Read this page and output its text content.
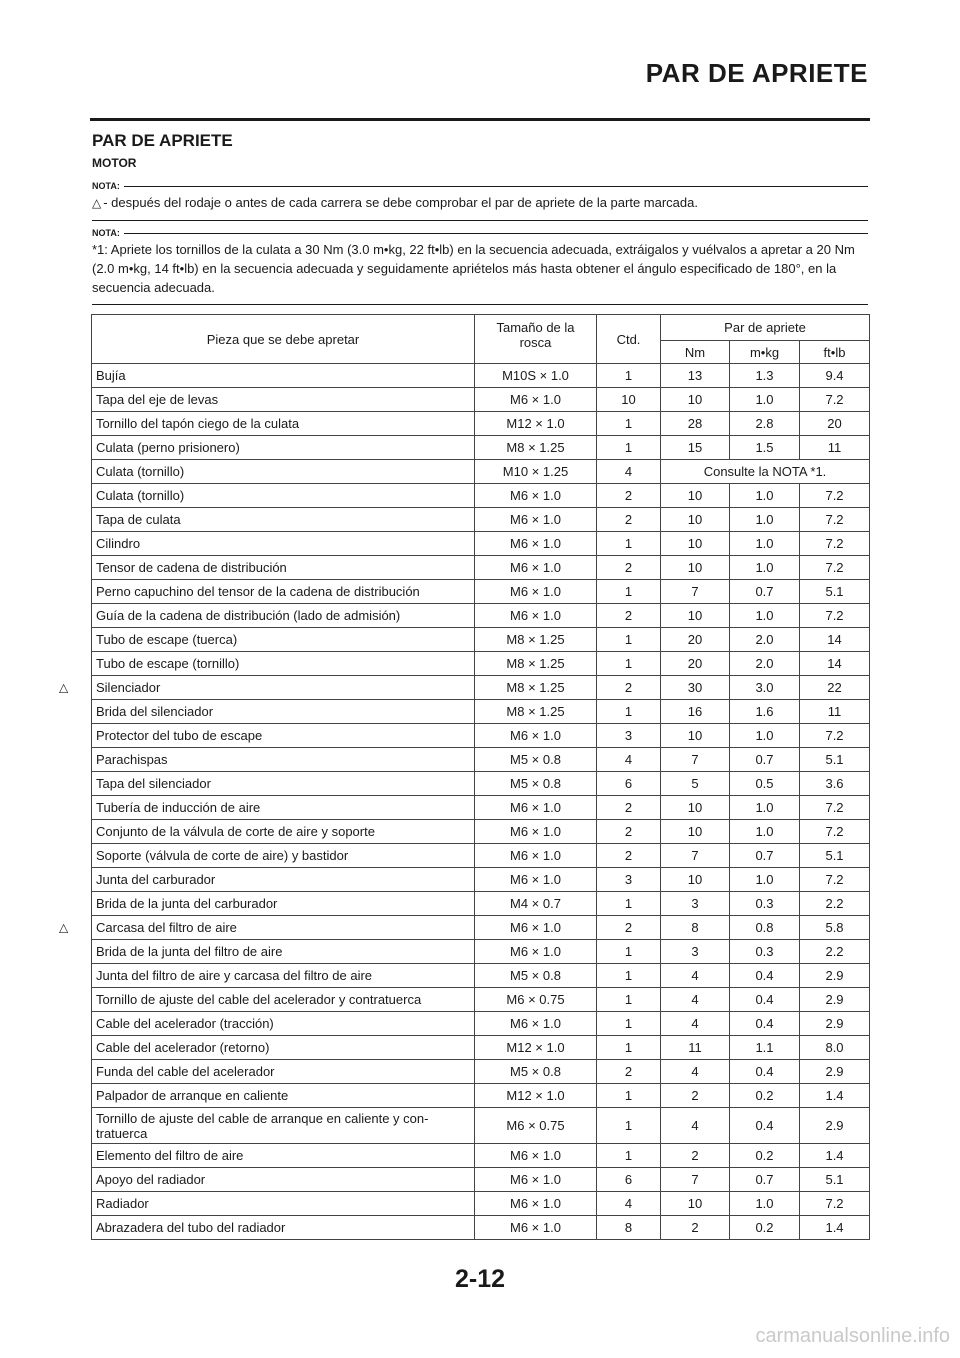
PAR DE APRIETE
PAR DE APRIETE
MOTOR
NOTA:
△ - después del rodaje o antes de cada carrera se debe comprobar el par de apriete de la parte marcada.
NOTA:
*1: Apriete los tornillos de la culata a 30 Nm (3.0 m•kg, 22 ft•lb) en la secuencia adecuada, extráigalos y vuélvalos a apretar a 20 Nm (2.0 m•kg, 14 ft•lb) en la secuencia adecuada y seguidamente apriételos más hasta obtener el ángulo especificado de 180°, en la secuencia adecuada.
Pieza que se debe apretar	Tamaño de la rosca	Ctd.	Par de apriete		
			Nm	m•kg	ft•lb
Bujía	M10S × 1.0	1	13	1.3	9.4
Tapa del eje de levas	M6 × 1.0	10	10	1.0	7.2
Tornillo del tapón ciego de la culata	M12 × 1.0	1	28	2.8	20
Culata (perno prisionero)	M8 × 1.25	1	15	1.5	11
Culata (tornillo)	M10 × 1.25	4	Consulte la NOTA *1.		
Culata (tornillo)	M6 × 1.0	2	10	1.0	7.2
Tapa de culata	M6 × 1.0	2	10	1.0	7.2
Cilindro	M6 × 1.0	1	10	1.0	7.2
Tensor de cadena de distribución	M6 × 1.0	2	10	1.0	7.2
Perno capuchino del tensor de la cadena de distribución	M6 × 1.0	1	7	0.7	5.1
Guía de la cadena de distribución (lado de admisión)	M6 × 1.0	2	10	1.0	7.2
Tubo de escape (tuerca)	M8 × 1.25	1	20	2.0	14
Tubo de escape (tornillo)	M8 × 1.25	1	20	2.0	14

△ Silenciador	M8 × 1.25	2	30	3.0	22
Brida del silenciador	M8 × 1.25	1	16	1.6	11
Protector del tubo de escape	M6 × 1.0	3	10	1.0	7.2
Parachispas	M5 × 0.8	4	7	0.7	5.1
Tapa del silenciador	M5 × 0.8	6	5	0.5	3.6
Tubería de inducción de aire	M6 × 1.0	2	10	1.0	7.2
Conjunto de la válvula de corte de aire y soporte	M6 × 1.0	2	10	1.0	7.2
Soporte (válvula de corte de aire) y bastidor	M6 × 1.0	2	7	0.7	5.1
Junta del carburador	M6 × 1.0	3	10	1.0	7.2
Brida de la junta del carburador	M4 × 0.7	1	3	0.3	2.2

△ Carcasa del filtro de aire	M6 × 1.0	2	8	0.8	5.8
Brida de la junta del filtro de aire	M6 × 1.0	1	3	0.3	2.2
Junta del filtro de aire y carcasa del filtro de aire	M5 × 0.8	1	4	0.4	2.9
Tornillo de ajuste del cable del acelerador y contratuerca	M6 × 0.75	1	4	0.4	2.9
Cable del acelerador (tracción)	M6 × 1.0	1	4	0.4	2.9
Cable del acelerador (retorno)	M12 × 1.0	1	11	1.1	8.0
Funda del cable del acelerador	M5 × 0.8	2	4	0.4	2.9
Palpador de arranque en caliente	M12 × 1.0	1	2	0.2	1.4
Tornillo de ajuste del cable de arranque en caliente y con-tratuerca	M6 × 0.75	1	4	0.4	2.9
Elemento del filtro de aire	M6 × 1.0	1	2	0.2	1.4
Apoyo del radiador	M6 × 1.0	6	7	0.7	5.1
Radiador	M6 × 1.0	4	10	1.0	7.2
Abrazadera del tubo del radiador	M6 × 1.0	8	2	0.2	1.4
2-12
carmanualsonline.info
